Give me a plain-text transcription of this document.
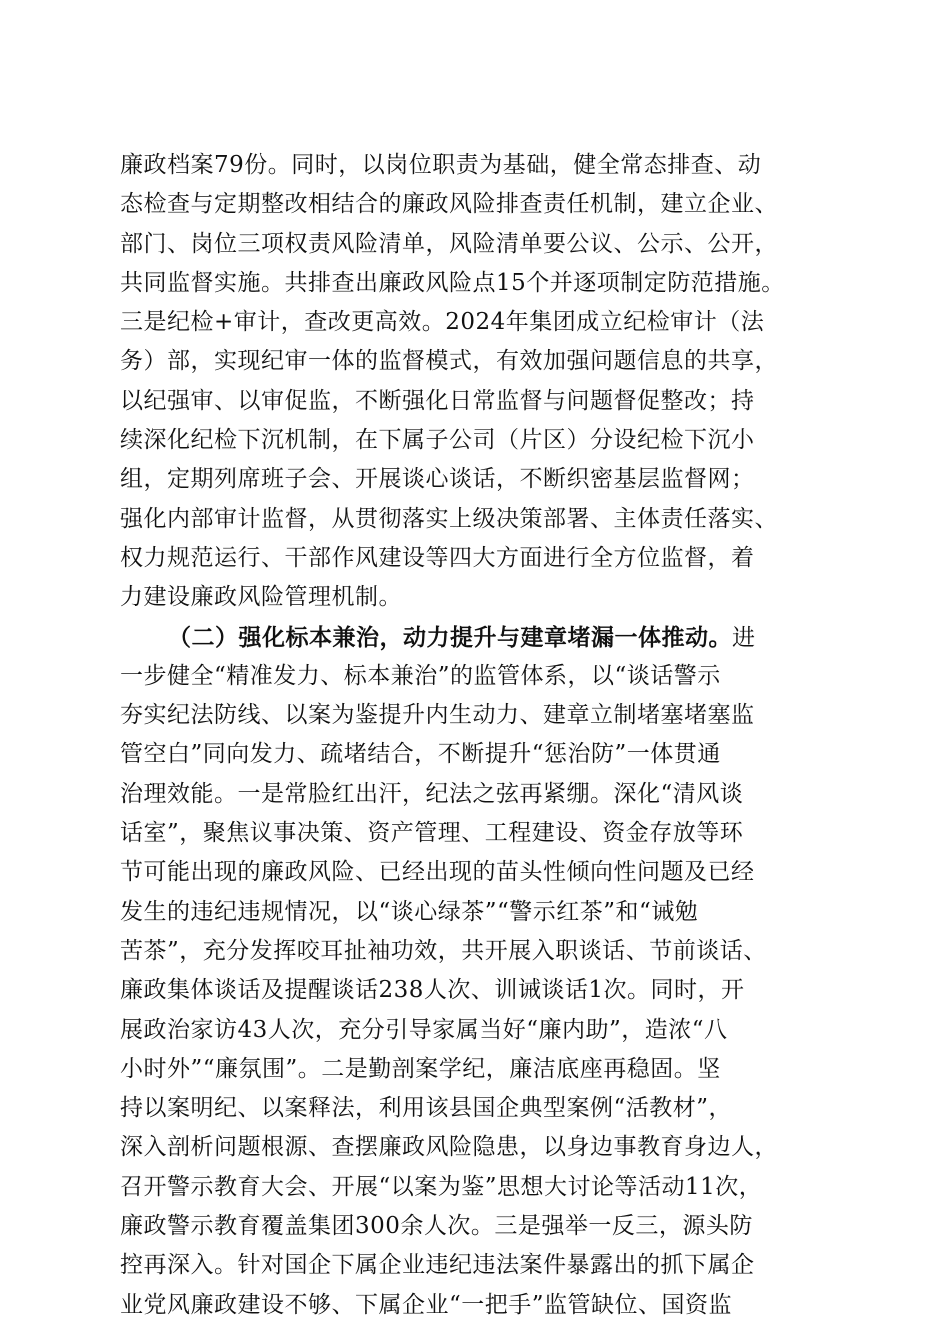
廉政档案79份。同时，以岗位职责为基础，健全常态排查、动
态检查与定期整改相结合的廉政风险排查责任机制，建立企业、
部门、岗位三项权责风险清单，风险清单要公议、公示、公开，
共同监督实施。共排查出廉政风险点15个并逐项制定防范措施。
三是纪检+审计，查改更高效。2024年集团成立纪检审计（法
务）部，实现纪审一体的监督模式，有效加强问题信息的共享，
以纪强审、以审促监，不断强化日常监督与问题督促整改；持
续深化纪检下沉机制，在下属子公司（片区）分设纪检下沉小
组，定期列席班子会、开展谈心谈话，不断织密基层监督网；
强化内部审计监督，从贯彻落实上级决策部署、主体责任落实、
权力规范运行、干部作风建设等四大方面进行全方位监督，着
力建设廉政风险管理机制。
（二）强化标本兼治，动力提升与建章堵漏一体推动。进
一步健全“精准发力、标本兼治”的监管体系，以“谈话警示
夯实纪法防线、以案为鉴提升内生动力、建章立制堵塞堵塞监
管空白”同向发力、疏堵结合，不断提升“惩治防”一体贯通
治理效能。一是常脸红出汗，纪法之弦再紧绷。深化“清风谈
话室”，聚焦议事决策、资产管理、工程建设、资金存放等环
节可能出现的廉政风险、已经出现的苗头性倾向性问题及已经
发生的违纪违规情况，以“谈心绿茶”“警示红茶”和“诫勉
苦茶”，充分发挥咬耳扯袖功效，共开展入职谈话、节前谈话、
廉政集体谈话及提醒谈话238人次、训诫谈话1次。同时，开
展政治家访43人次，充分引导家属当好“廉内助”，造浓“八
小时外”“廉氛围”。二是勤剖案学纪，廉洁底座再稳固。坚
持以案明纪、以案释法，利用该县国企典型案例“活教材”，
深入剖析问题根源、查摆廉政风险隐患，以身边事教育身边人，
召开警示教育大会、开展“以案为鉴”思想大讨论等活动11次，
廉政警示教育覆盖集团300余人次。三是强举一反三，源头防
控再深入。针对国企下属企业违纪违法案件暴露出的抓下属企
业党风廉政建设不够、下属企业“一把手”监管缺位、国资监
